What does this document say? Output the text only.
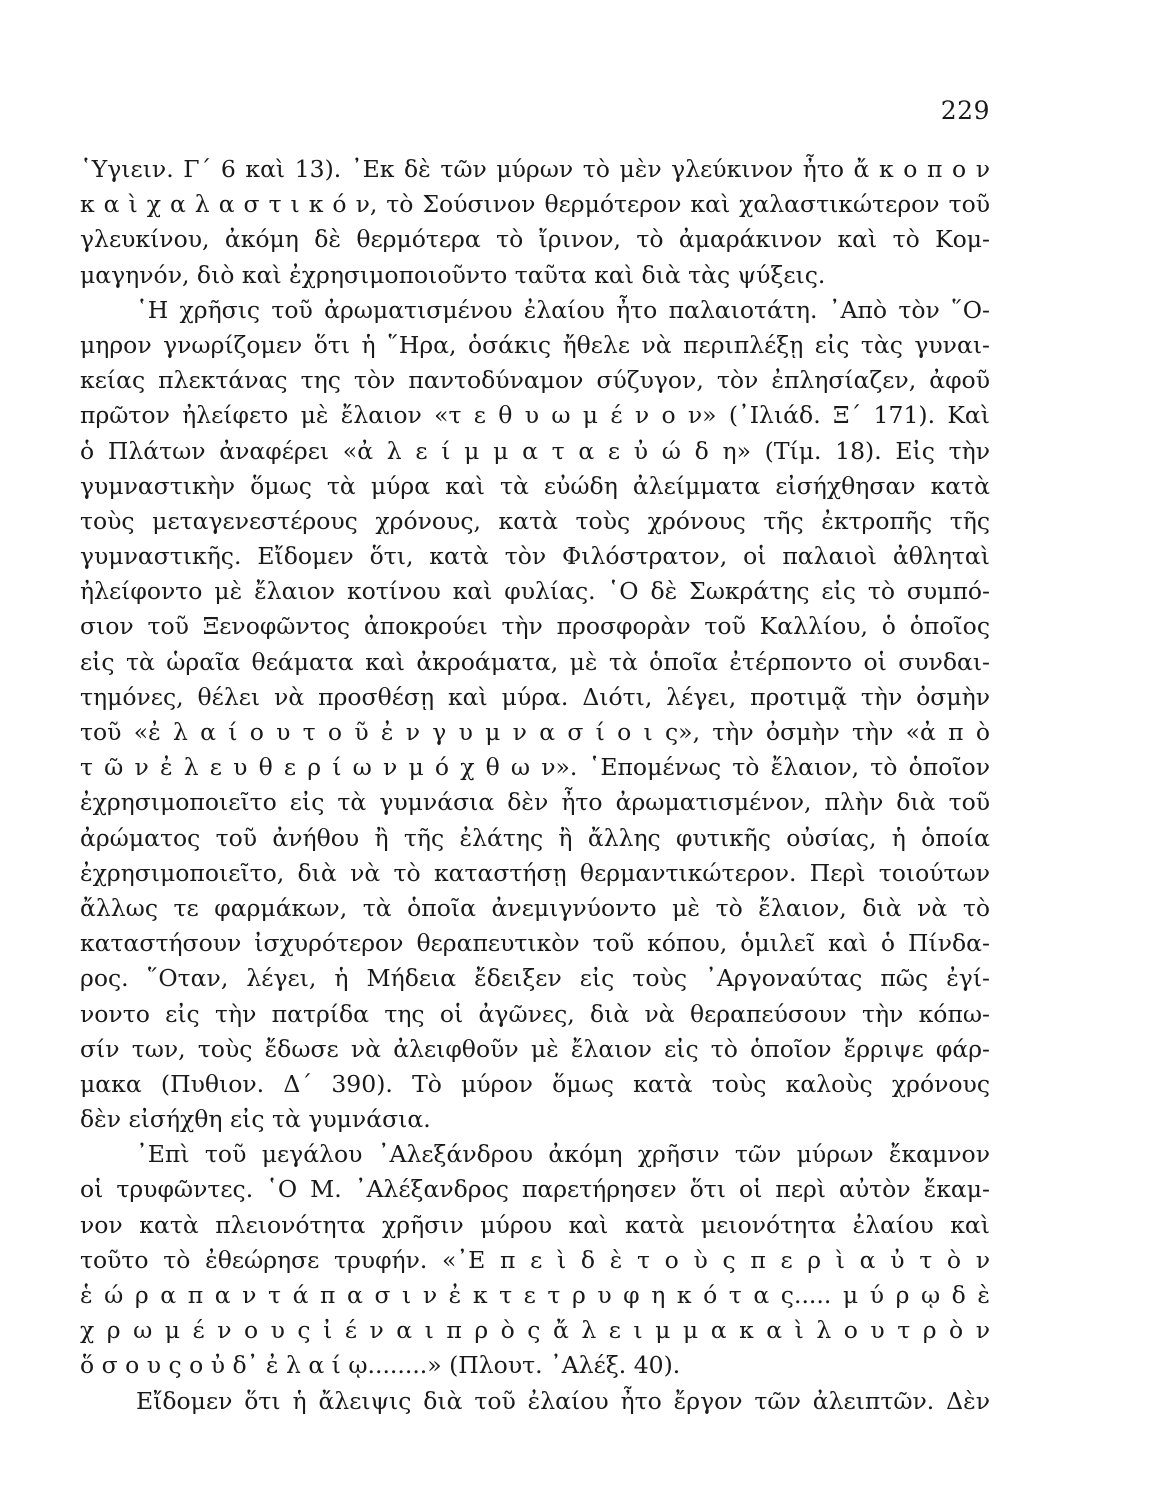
229
῾Υγιειν. Γ΄ 6 καὶ 13). ᾿Εκ δὲ τῶν μύρων τὸ μὲν γλεύκινον ἦτο ἄ κ ο π ο ν
κ α ὶ χ α λ α σ τ ι κ ό ν, τὸ Σούσινον θερμότερον καὶ χαλαστικώτερον τοῦ
γλευκίνου, ἀκόμη δὲ θερμότερα τὸ ἴρινον, τὸ ἀμαράκινον καὶ τὸ Κομ-
μαγηνόν, διὸ καὶ ἐχρησιμοποιοῦντο ταῦτα καὶ διὰ τὰς ψύξεις.
῾Η χρῆσις τοῦ ἀρωματισμένου ἐλαίου ἦτο παλαιοτάτη. ᾿Απὸ τὸν ῞Ο-
μηρον γνωρίζομεν ὅτι ἡ ῞Ηρα, ὁσάκις ἤθελε νὰ περιπλέξῃ εἰς τὰς γυναι-
κείας πλεκτάνας της τὸν παντοδύναμον σύζυγον, τὸν ἐπλησίαζεν, ἀφοῦ
πρῶτον ἠλείφετο μὲ ἔλαιον «τ ε θ υ ω μ έ ν ο ν» (᾿Ιλιάδ. Ξ΄ 171). Καὶ
ὁ Πλάτων ἀναφέρει «ἀ λ ε ί μ μ α τ α ε ὐ ώ δ η» (Τίμ. 18). Εἰς τὴν
γυμναστικὴν ὅμως τὰ μύρα καὶ τὰ εὐώδη ἀλείμματα εἰσήχθησαν κατὰ
τοὺς μεταγενεστέρους χρόνους, κατὰ τοὺς χρόνους τῆς ἐκτροπῆς τῆς
γυμναστικῆς. Εἴδομεν ὅτι, κατὰ τὸν Φιλόστρατον, οἱ παλαιοὶ ἀθληταὶ
ἠλείφοντο μὲ ἔλαιον κοτίνου καὶ φυλίας. ῾Ο δὲ Σωκράτης εἰς τὸ συμπό-
σιον τοῦ Ξενοφῶντος ἀποκρούει τὴν προσφορὰν τοῦ Καλλίου, ὁ ὁποῖος
εἰς τὰ ὡραῖα θεάματα καὶ ἀκροάματα, μὲ τὰ ὁποῖα ἐτέρποντο οἱ συνδαι-
τημόνες, θέλει νὰ προσθέσῃ καὶ μύρα. Διότι, λέγει, προτιμᾷ τὴν ὀσμὴν
τοῦ «ἐ λ α ί ο υ τ ο ῦ ἐ ν γ υ μ ν α σ ί ο ι ς», τὴν ὀσμὴν τὴν «ἀ π ὸ
τ ῶ ν ἐ λ ε υ θ ε ρ ί ω ν μ ό χ θ ω ν». ῾Επομένως τὸ ἔλαιον, τὸ ὁποῖον
ἐχρησιμοποιεῖτο εἰς τὰ γυμνάσια δὲν ἦτο ἀρωματισμένον, πλὴν διὰ τοῦ
ἀρώματος τοῦ ἀνήθου ἢ τῆς ἐλάτης ἢ ἄλλης φυτικῆς οὐσίας, ἡ ὁποία
ἐχρησιμοποιεῖτο, διὰ νὰ τὸ καταστήσῃ θερμαντικώτερον. Περὶ τοιούτων
ἄλλως τε φαρμάκων, τὰ ὁποῖα ἀνεμιγνύοντο μὲ τὸ ἔλαιον, διὰ νὰ τὸ
καταστήσουν ἰσχυρότερον θεραπευτικὸν τοῦ κόπου, ὁμιλεῖ καὶ ὁ Πίνδα-
ρος. ῞Οταν, λέγει, ἡ Μήδεια ἔδειξεν εἰς τοὺς ᾿Αργοναύτας πῶς ἐγί-
νοντο εἰς τὴν πατρίδα της οἱ ἀγῶνες, διὰ νὰ θεραπεύσουν τὴν κόπω-
σίν των, τοὺς ἔδωσε νὰ ἀλειφθοῦν μὲ ἔλαιον εἰς τὸ ὁποῖον ἔρριψε φάρ-
μακα (Πυθιον. Δ΄ 390). Τὸ μύρον ὅμως κατὰ τοὺς καλοὺς χρόνους
δὲν εἰσήχθη εἰς τὰ γυμνάσια.
᾿Επὶ τοῦ μεγάλου ᾿Αλεξάνδρου ἀκόμη χρῆσιν τῶν μύρων ἔκαμνον
οἱ τρυφῶντες. ῾Ο Μ. ᾿Αλέξανδρος παρετήρησεν ὅτι οἱ περὶ αὐτὸν ἔκαμ-
νον κατὰ πλειονότητα χρῆσιν μύρου καὶ κατὰ μειονότητα ἐλαίου καὶ
τοῦτο τὸ ἐθεώρησε τρυφήν. «᾿Ε π ε ὶ δ ὲ τ ο ὺ ς π ε ρ ὶ α ὐ τ ὸ ν
ἑ ώ ρ α π α ν τ ά π α σ ι ν ἐ κ τ ε τ ρ υ φ η κ ό τ α ς..... μ ύ ρ ῳ δ ὲ
χ ρ ω μ έ ν ο υ ς ἰ έ ν α ι π ρ ὸ ς ἄ λ ε ι μ μ α κ α ὶ λ ο υ τ ρ ὸ ν
ὅ σ ο υ ς ο ὐ δ᾿ ἐ λ α ί ῳ........» (Πλουτ. ᾿Αλέξ. 40).
Εἴδομεν ὅτι ἡ ἄλειψις διὰ τοῦ ἐλαίου ἦτο ἔργον τῶν ἀλειπτῶν. Δὲν
